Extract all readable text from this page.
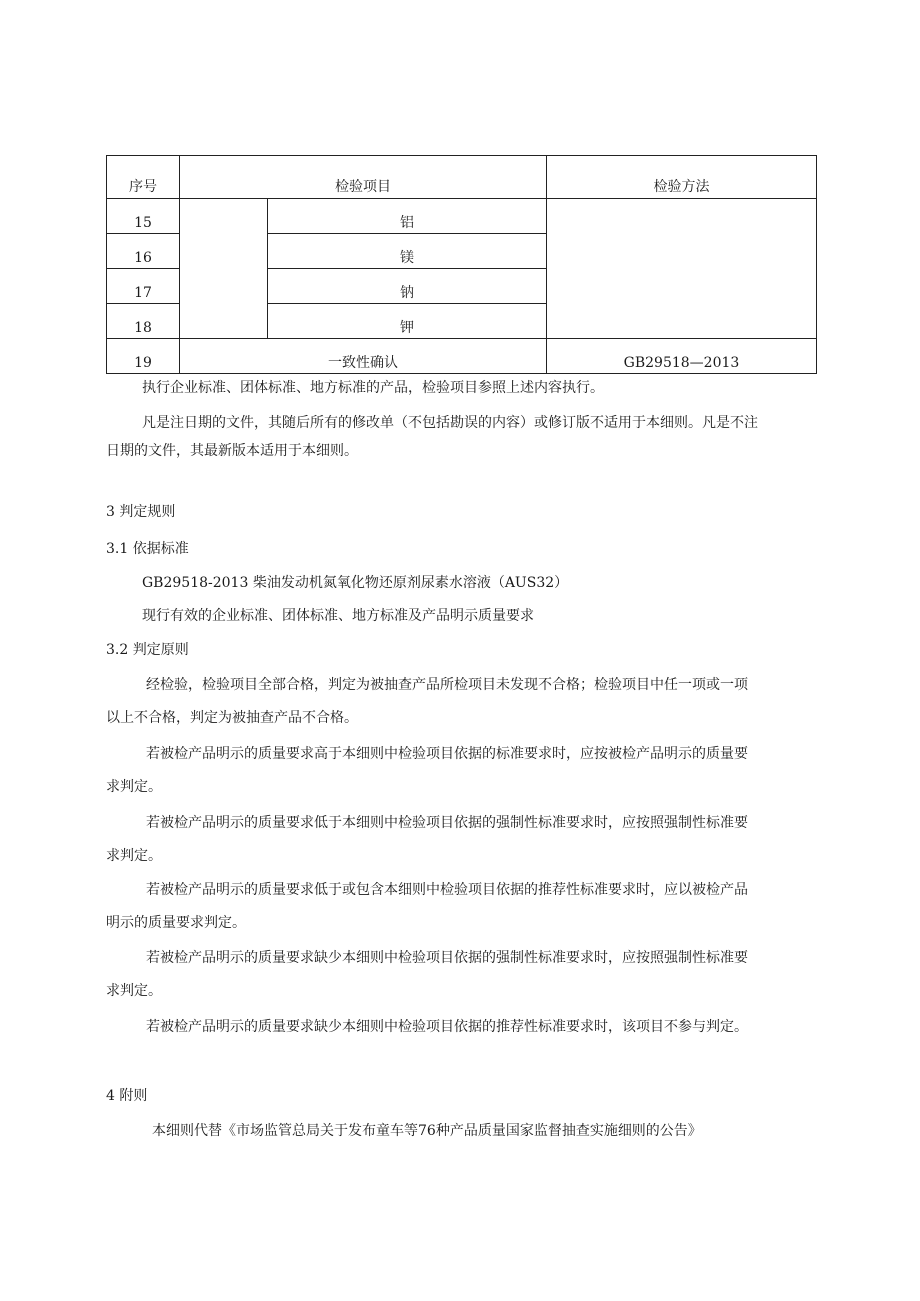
序号	检验项目		检验方法
15		铝	
16		镁	
17		钠	
18		钾	
19	一致性确认		GB29518—2013

执行企业标准、团体标准、地方标准的产品，检验项目参照上述内容执行。

凡是注日期的文件，其随后所有的修改单（不包括勘误的内容）或修订版不适用于本细则。凡是不注

日期的文件，其最新版本适用于本细则。

3 判定规则

3.1 依据标准

GB29518-2013 柴油发动机氮氧化物还原剂尿素水溶液（AUS32）

现行有效的企业标准、团体标准、地方标准及产品明示质量要求

3.2 判定原则

经检验，检验项目全部合格，判定为被抽查产品所检项目未发现不合格；检验项目中任一项或一项

以上不合格，判定为被抽查产品不合格。

若被检产品明示的质量要求高于本细则中检验项目依据的标准要求时，应按被检产品明示的质量要

求判定。

若被检产品明示的质量要求低于本细则中检验项目依据的强制性标准要求时，应按照强制性标准要

求判定。

若被检产品明示的质量要求低于或包含本细则中检验项目依据的推荐性标准要求时，应以被检产品

明示的质量要求判定。

若被检产品明示的质量要求缺少本细则中检验项目依据的强制性标准要求时，应按照强制性标准要

求判定。

若被检产品明示的质量要求缺少本细则中检验项目依据的推荐性标准要求时，该项目不参与判定。

4 附则

本细则代替《市场监管总局关于发布童车等76种产品质量国家监督抽查实施细则的公告》
